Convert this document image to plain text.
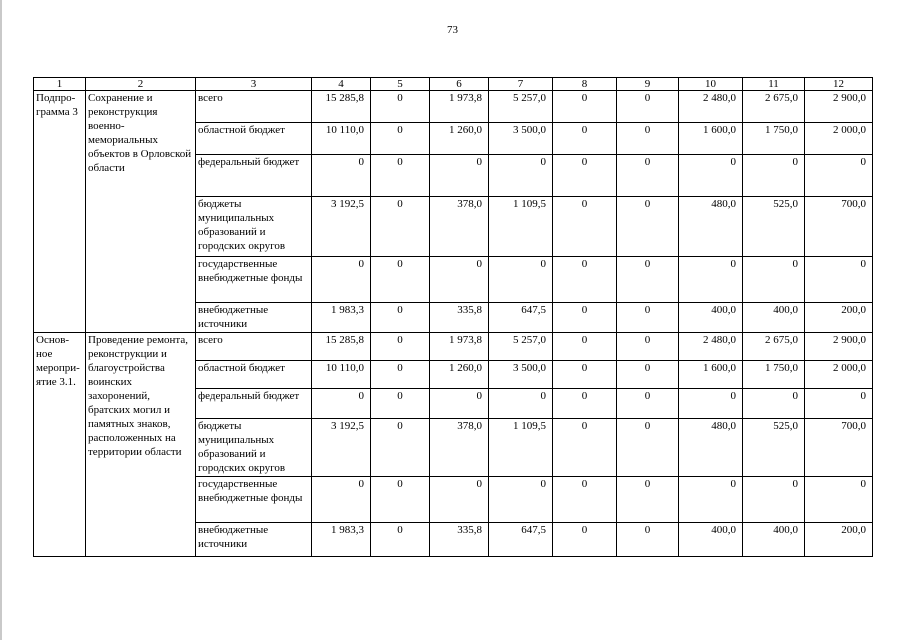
73
1	2	3	4	5	6	7	8	9	10	11	12

Подпро-
грамма 3	Сохранение и реконструкция военно-мемориальных объектов в Орловской области	всего	15 285,8	0	1 973,8	5 257,0	0	0	2 480,0	2 675,0	2 900,0
		областной бюджет	10 110,0	0	1 260,0	3 500,0	0	0	1 600,0	1 750,0	2 000,0
		федеральный бюджет	0	0	0	0	0	0	0	0	0
		бюджеты муниципальных образований и городских округов	3 192,5	0	378,0	1 109,5	0	0	480,0	525,0	700,0
		государственные внебюджетные фонды	0	0	0	0	0	0	0	0	0
		внебюджетные источники	1 983,3	0	335,8	647,5	0	0	400,0	400,0	200,0

Основ-
ное
меропри-
ятие 3.1.	Проведение ремонта, реконструкции и благоустройства воинских захоронений, братских могил и памятных знаков, расположенных на территории области	всего	15 285,8	0	1 973,8	5 257,0	0	0	2 480,0	2 675,0	2 900,0
		областной бюджет	10 110,0	0	1 260,0	3 500,0	0	0	1 600,0	1 750,0	2 000,0
		федеральный бюджет	0	0	0	0	0	0	0	0	0
		бюджеты муниципальных образований и городских округов	3 192,5	0	378,0	1 109,5	0	0	480,0	525,0	700,0
		государственные внебюджетные фонды	0	0	0	0	0	0	0	0	0
		внебюджетные источники	1 983,3	0	335,8	647,5	0	0	400,0	400,0	200,0
